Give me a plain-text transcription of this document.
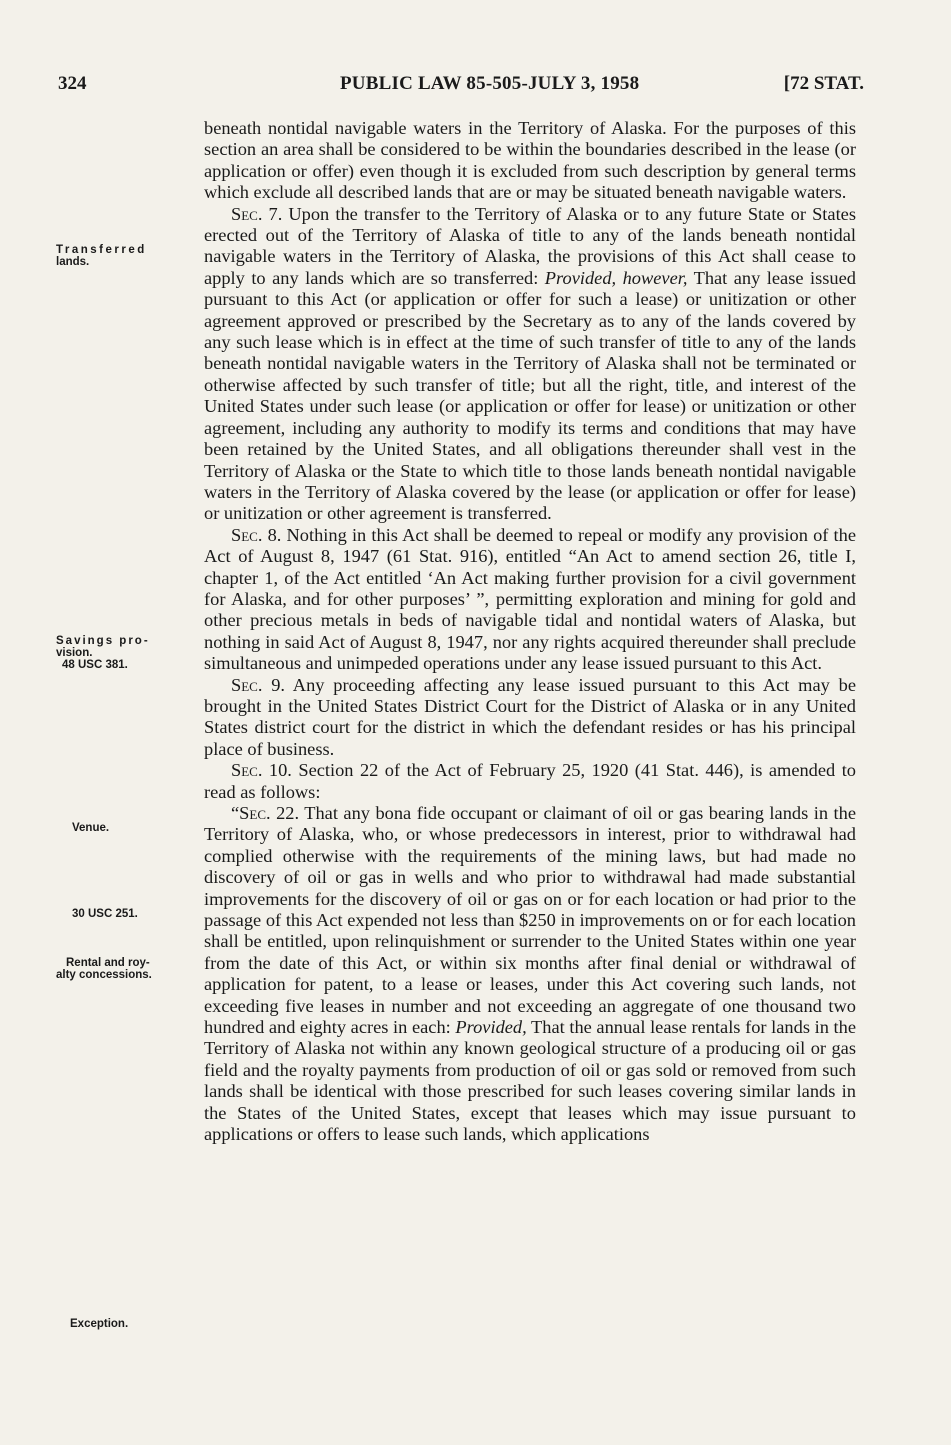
324	PUBLIC LAW 85-505-JULY 3, 1958	[72 STAT.
Transferred
lands.
Savings pro-
vision.
48 USC 381.
Venue.
30 USC 251.
Rental and roy-
alty concessions.
Exception.

beneath nontidal navigable waters in the Territory of Alaska. For the purposes of this section an area shall be considered to be within the boundaries described in the lease (or application or offer) even though it is excluded from such description by general terms which exclude all described lands that are or may be situated beneath navigable waters.

Sec. 7. Upon the transfer to the Territory of Alaska or to any future State or States erected out of the Territory of Alaska of title to any of the lands beneath nontidal navigable waters in the Territory of Alaska, the provisions of this Act shall cease to apply to any lands which are so transferred: Provided, however, That any lease issued pursuant to this Act (or application or offer for such a lease) or unitization or other agreement approved or prescribed by the Secretary as to any of the lands covered by any such lease which is in effect at the time of such transfer of title to any of the lands beneath nontidal navigable waters in the Territory of Alaska shall not be terminated or otherwise affected by such transfer of title; but all the right, title, and interest of the United States under such lease (or application or offer for lease) or unitization or other agreement, including any authority to modify its terms and conditions that may have been retained by the United States, and all obligations thereunder shall vest in the Territory of Alaska or the State to which title to those lands beneath nontidal navigable waters in the Territory of Alaska covered by the lease (or application or offer for lease) or unitization or other agreement is transferred.

Sec. 8. Nothing in this Act shall be deemed to repeal or modify any provision of the Act of August 8, 1947 (61 Stat. 916), entitled “An Act to amend section 26, title I, chapter 1, of the Act entitled ‘An Act making further provision for a civil government for Alaska, and for other purposes’ ”, permitting exploration and mining for gold and other precious metals in beds of navigable tidal and nontidal waters of Alaska, but nothing in said Act of August 8, 1947, nor any rights acquired thereunder shall preclude simultaneous and unimpeded operations under any lease issued pursuant to this Act.

Sec. 9. Any proceeding affecting any lease issued pursuant to this Act may be brought in the United States District Court for the District of Alaska or in any United States district court for the district in which the defendant resides or has his principal place of business.

Sec. 10. Section 22 of the Act of February 25, 1920 (41 Stat. 446), is amended to read as follows:

“Sec. 22. That any bona fide occupant or claimant of oil or gas bearing lands in the Territory of Alaska, who, or whose predecessors in interest, prior to withdrawal had complied otherwise with the requirements of the mining laws, but had made no discovery of oil or gas in wells and who prior to withdrawal had made substantial improvements for the discovery of oil or gas on or for each location or had prior to the passage of this Act expended not less than $250 in improvements on or for each location shall be entitled, upon relinquishment or surrender to the United States within one year from the date of this Act, or within six months after final denial or withdrawal of application for patent, to a lease or leases, under this Act covering such lands, not exceeding five leases in number and not exceeding an aggregate of one thousand two hundred and eighty acres in each: Provided, That the annual lease rentals for lands in the Territory of Alaska not within any known geological structure of a producing oil or gas field and the royalty payments from production of oil or gas sold or removed from such lands shall be identical with those prescribed for such leases covering similar lands in the States of the United States, except that leases which may issue pursuant to applications or offers to lease such lands, which applications
